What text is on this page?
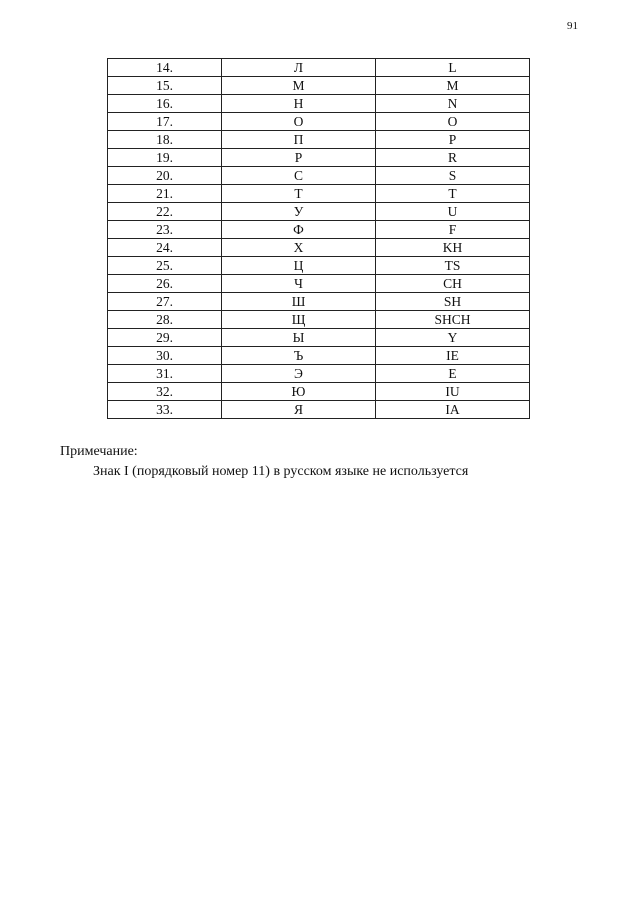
91
14.	Л	L
15.	М	M
16.	Н	N
17.	О	O
18.	П	P
19.	Р	R
20.	С	S
21.	Т	T
22.	У	U
23.	Ф	F
24.	Х	KH
25.	Ц	TS
26.	Ч	CH
27.	Ш	SH
28.	Щ	SHCH
29.	Ы	Y
30.	Ъ	IE
31.	Э	E
32.	Ю	IU
33.	Я	IA
Примечание:
Знак I (порядковый номер 11) в русском языке не используется
